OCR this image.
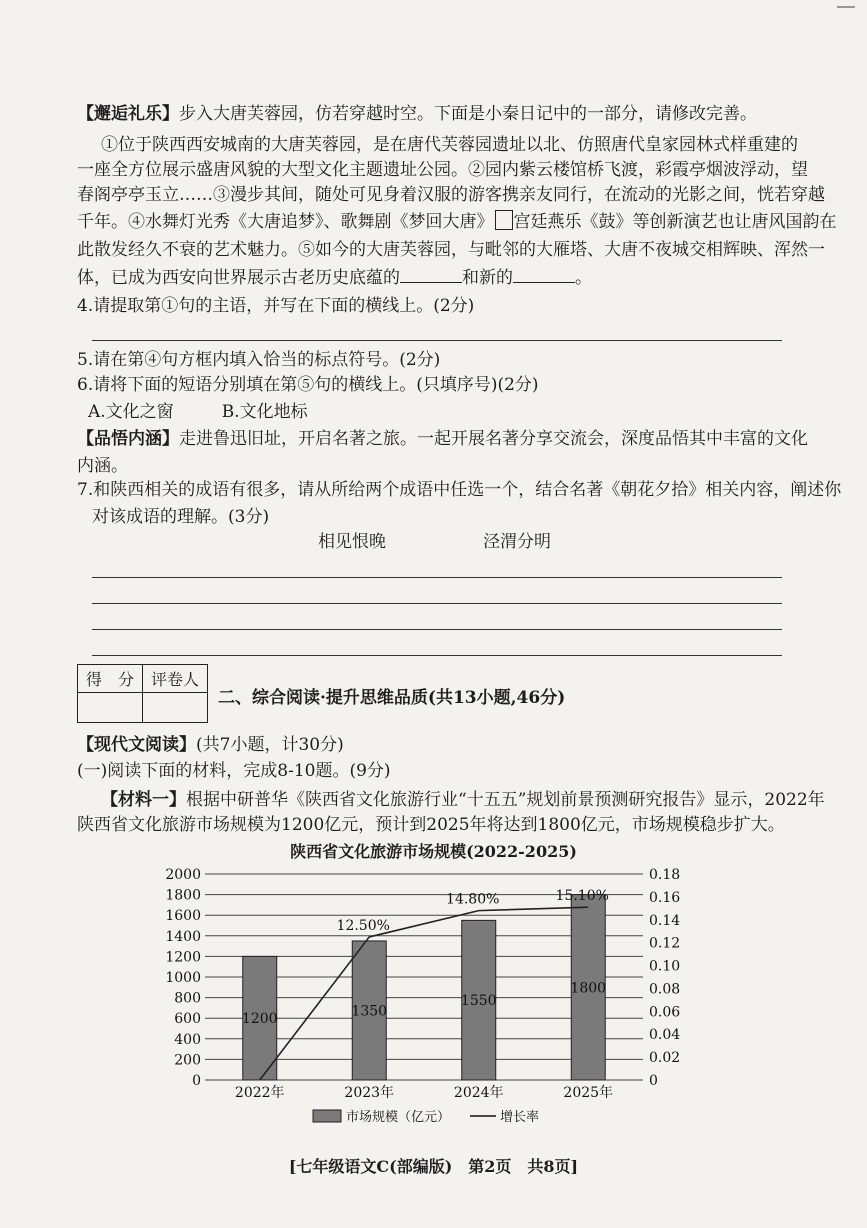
【邂逅礼乐】步入大唐芙蓉园，仿若穿越时空。下面是小秦日记中的一部分，请修改完善。
①位于陕西西安城南的大唐芙蓉园，是在唐代芙蓉园遗址以北、仿照唐代皇家园林式样重建的
一座全方位展示盛唐风貌的大型文化主题遗址公园。②园内紫云楼馆桥飞渡，彩霞亭烟波浮动，望
春阁亭亭玉立……③漫步其间，随处可见身着汉服的游客携亲友同行，在流动的光影之间，恍若穿越
千年。④水舞灯光秀《大唐追梦》、歌舞剧《梦回大唐》 宫廷燕乐《鼓》等创新演艺也让唐风国韵在
此散发经久不衰的艺术魅力。⑤如今的大唐芙蓉园，与毗邻的大雁塔、大唐不夜城交相辉映、浑然一
体，已成为西安向世界展示古老历史底蕴的	和新的	。
4.请提取第①句的主语，并写在下面的横线上。(2分)
5.请在第④句方框内填入恰当的标点符号。(2分)
6.请将下面的短语分别填在第⑤句的横线上。(只填序号)(2分)
A.文化之窗	B.文化地标
【品悟内涵】走进鲁迅旧址，开启名著之旅。一起开展名著分享交流会，深度品悟其中丰富的文化
内涵。
7.和陕西相关的成语有很多，请从所给两个成语中任选一个，结合名著《朝花夕拾》相关内容，阐述你
对该成语的理解。(3分)
相见恨晚	泾渭分明
得　分	评卷人

二、综合阅读·提升思维品质(共13小题,46分)
【现代文阅读】(共7小题，计30分)
(一)阅读下面的材料，完成8-10题。(9分)
【材料一】根据中研普华《陕西省文化旅游行业“十五五”规划前景预测研究报告》显示，2022年
陕西省文化旅游市场规模为1200亿元，预计到2025年将达到1800亿元，市场规模稳步扩大。
陕西省文化旅游市场规模(2022-2025)
0
200
400
600
800
1000
1200
1400
1600
1800
2000
0
0.02
0.04
0.06
0.08
0.10
0.12
0.14
0.16
0.18
1200
2022年
1350
2023年
1550
2024年
1800
2025年
12.50%
14.80%	15.10%
市场规模（亿元）	增长率
[七年级语文C(部编版)　第2页　共8页]
